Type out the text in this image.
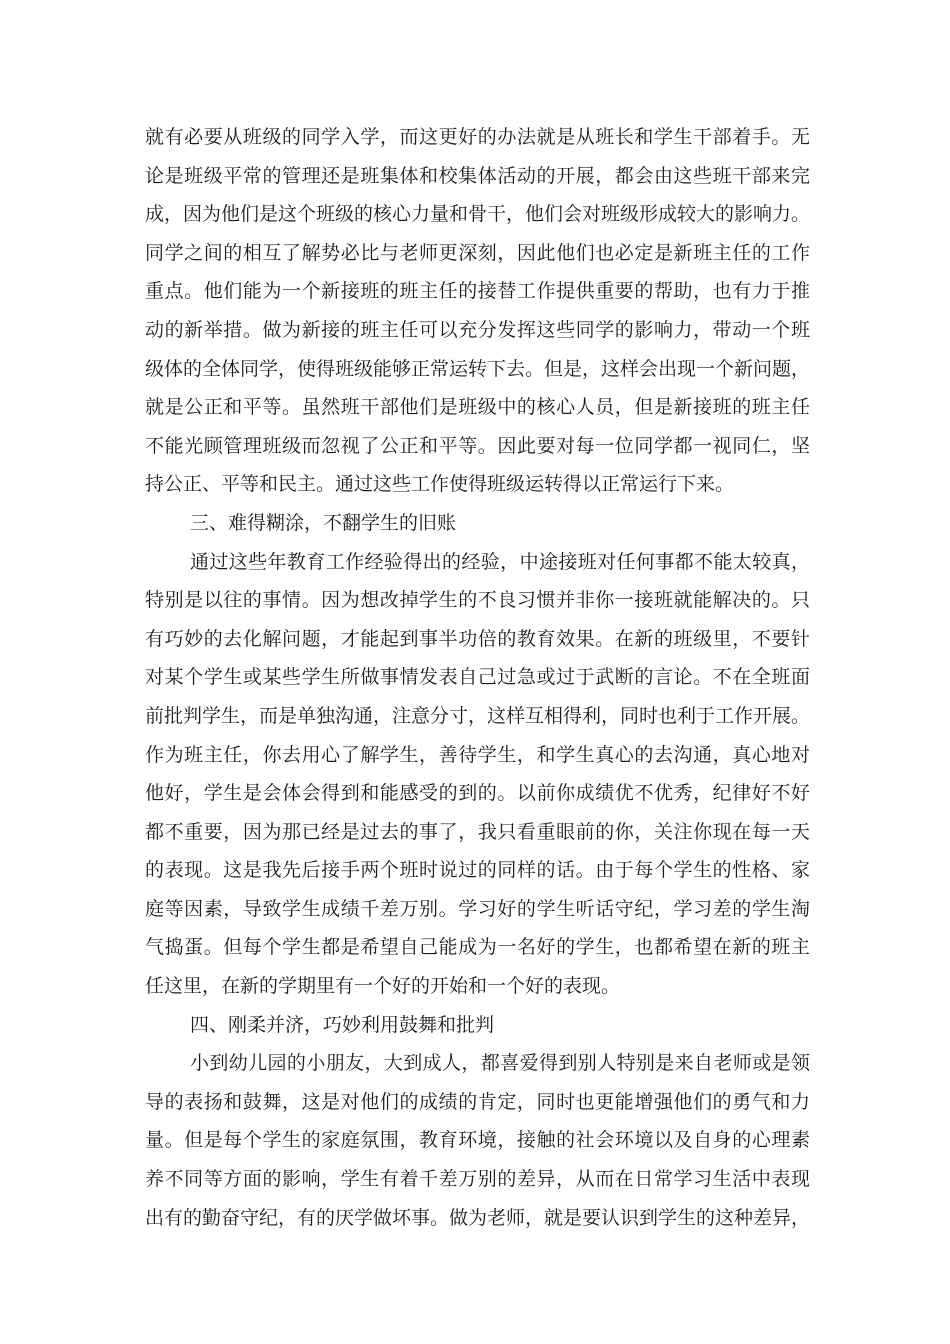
就有必要从班级的同学入学，而这更好的办法就是从班长和学生干部着手。无
论是班级平常的管理还是班集体和校集体活动的开展，都会由这些班干部来完
成，因为他们是这个班级的核心力量和骨干，他们会对班级形成较大的影响力。
同学之间的相互了解势必比与老师更深刻，因此他们也必定是新班主任的工作
重点。他们能为一个新接班的班主任的接替工作提供重要的帮助，也有力于推
动的新举措。做为新接的班主任可以充分发挥这些同学的影响力，带动一个班
级体的全体同学，使得班级能够正常运转下去。但是，这样会出现一个新问题，
就是公正和平等。虽然班干部他们是班级中的核心人员，但是新接班的班主任
不能光顾管理班级而忽视了公正和平等。因此要对每一位同学都一视同仁，坚
持公正、平等和民主。通过这些工作使得班级运转得以正常运行下来。
三、难得糊涂，不翻学生的旧账
通过这些年教育工作经验得出的经验，中途接班对任何事都不能太较真，
特别是以往的事情。因为想改掉学生的不良习惯并非你一接班就能解决的。只
有巧妙的去化解问题，才能起到事半功倍的教育效果。在新的班级里，不要针
对某个学生或某些学生所做事情发表自己过急或过于武断的言论。不在全班面
前批判学生，而是单独沟通，注意分寸，这样互相得利，同时也利于工作开展。
作为班主任，你去用心了解学生，善待学生，和学生真心的去沟通，真心地对
他好，学生是会体会得到和能感受的到的。以前你成绩优不优秀，纪律好不好
都不重要，因为那已经是过去的事了，我只看重眼前的你，关注你现在每一天
的表现。这是我先后接手两个班时说过的同样的话。由于每个学生的性格、家
庭等因素，导致学生成绩千差万别。学习好的学生听话守纪，学习差的学生淘
气捣蛋。但每个学生都是希望自己能成为一名好的学生，也都希望在新的班主
任这里，在新的学期里有一个好的开始和一个好的表现。
四、刚柔并济，巧妙利用鼓舞和批判
小到幼儿园的小朋友，大到成人，都喜爱得到别人特别是来自老师或是领
导的表扬和鼓舞，这是对他们的成绩的肯定，同时也更能增强他们的勇气和力
量。但是每个学生的家庭氛围，教育环境，接触的社会环境以及自身的心理素
养不同等方面的影响，学生有着千差万别的差异，从而在日常学习生活中表现
出有的勤奋守纪，有的厌学做坏事。做为老师，就是要认识到学生的这种差异，
